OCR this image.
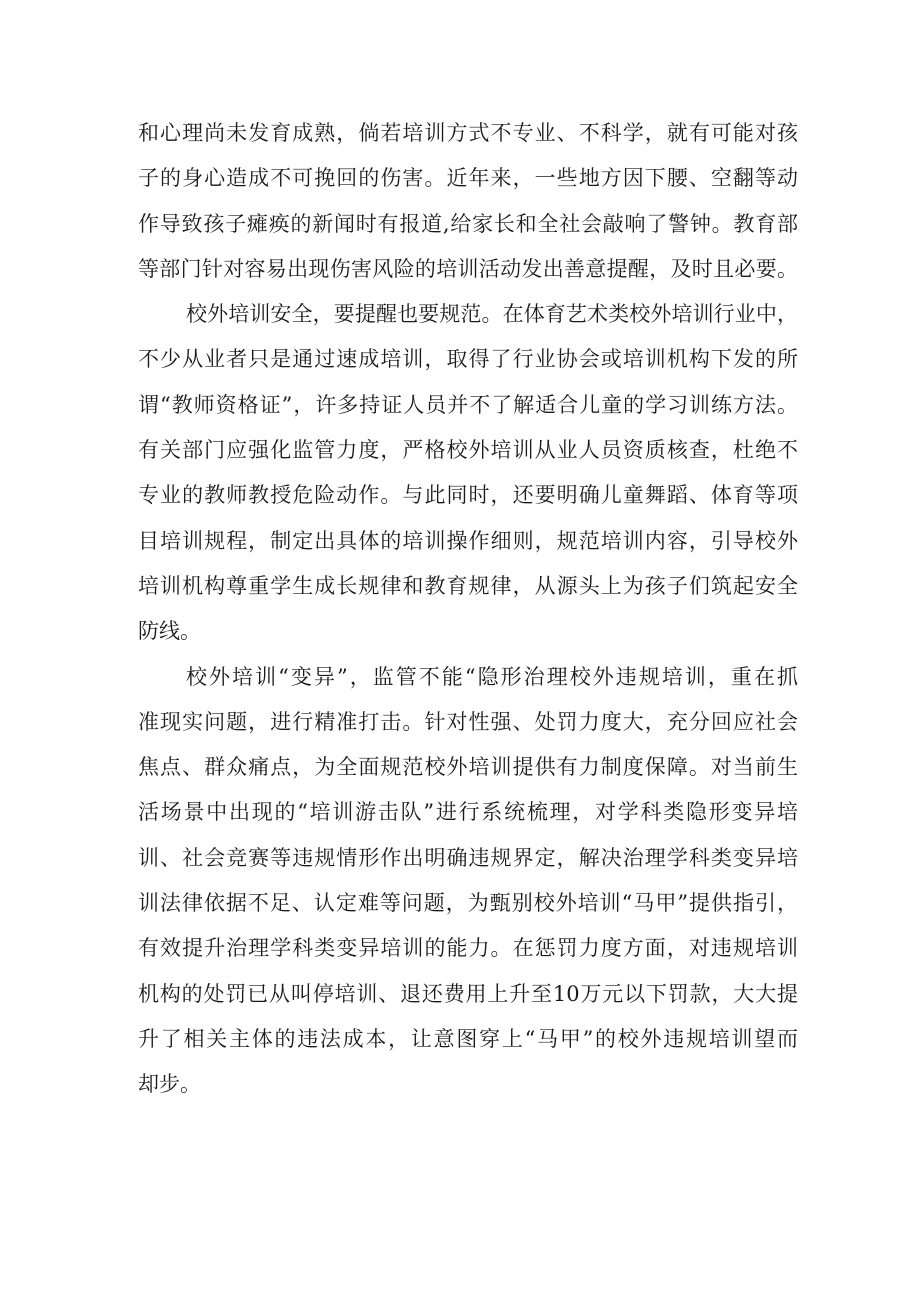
和心理尚未发育成熟，倘若培训方式不专业、不科学，就有可能对孩
子的身心造成不可挽回的伤害。近年来，一些地方因下腰、空翻等动
作导致孩子瘫痪的新闻时有报道,给家长和全社会敲响了警钟。教育部
等部门针对容易出现伤害风险的培训活动发出善意提醒，及时且必要。
校外培训安全，要提醒也要规范。在体育艺术类校外培训行业中，
不少从业者只是通过速成培训，取得了行业协会或培训机构下发的所
谓“教师资格证”，许多持证人员并不了解适合儿童的学习训练方法。
有关部门应强化监管力度，严格校外培训从业人员资质核查，杜绝不
专业的教师教授危险动作。与此同时，还要明确儿童舞蹈、体育等项
目培训规程，制定出具体的培训操作细则，规范培训内容，引导校外
培训机构尊重学生成长规律和教育规律，从源头上为孩子们筑起安全
防线。
校外培训“变异”，监管不能“隐形治理校外违规培训，重在抓
准现实问题，进行精准打击。针对性强、处罚力度大，充分回应社会
焦点、群众痛点，为全面规范校外培训提供有力制度保障。对当前生
活场景中出现的“培训游击队”进行系统梳理，对学科类隐形变异培
训、社会竞赛等违规情形作出明确违规界定，解决治理学科类变异培
训法律依据不足、认定难等问题，为甄别校外培训“马甲”提供指引，
有效提升治理学科类变异培训的能力。在惩罚力度方面，对违规培训
机构的处罚已从叫停培训、退还费用上升至10万元以下罚款，大大提
升了相关主体的违法成本，让意图穿上“马甲”的校外违规培训望而
却步。
